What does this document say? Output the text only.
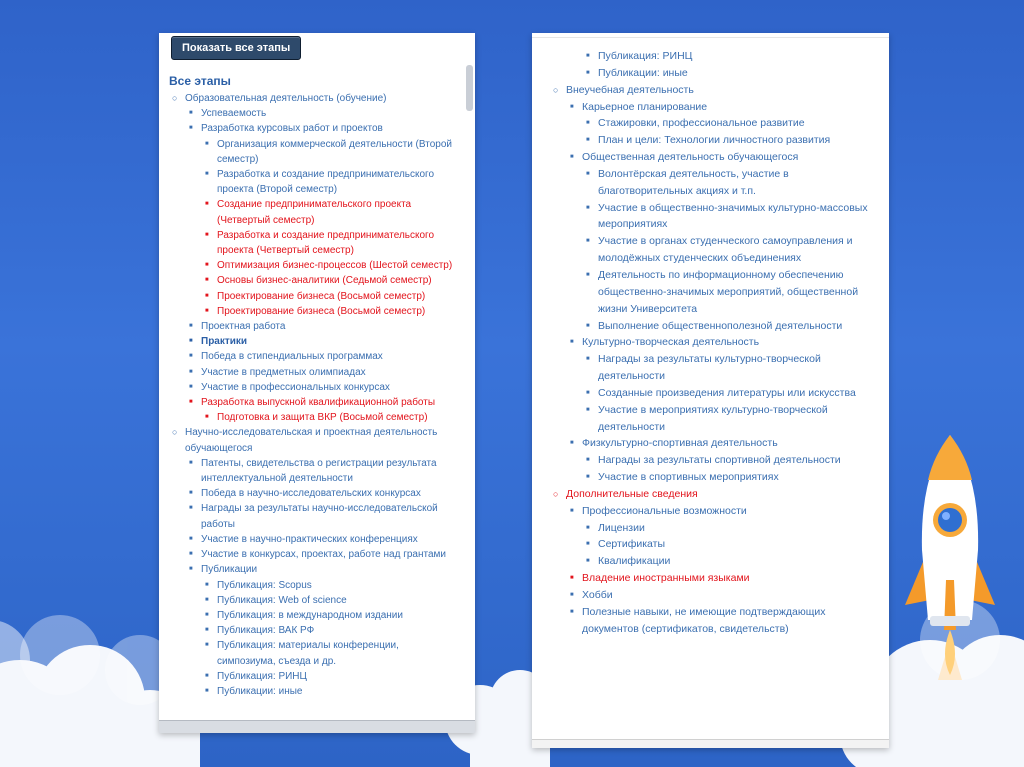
Показать все этапы
Все этапы
○ Образовательная деятельность (обучение)
■ Успеваемость
■ Разработка курсовых работ и проектов
■ Организация коммерческой деятельности (Второй семестр)
■ Разработка и создание предпринимательского проекта (Второй семестр)
■ Создание предпринимательского проекта (Четвертый семестр)
■ Разработка и создание предпринимательского проекта (Четвертый семестр)
■ Оптимизация бизнес-процессов (Шестой семестр)
■ Основы бизнес-аналитики (Седьмой семестр)
■ Проектирование бизнеса (Восьмой семестр)
■ Проектирование бизнеса (Восьмой семестр)
■ Проектная работа
■ Практики
■ Победа в стипендиальных программах
■ Участие в предметных олимпиадах
■ Участие в профессиональных конкурсах
■ Разработка выпускной квалификационной работы
■ Подготовка и защита ВКР (Восьмой семестр)
○ Научно-исследовательская и проектная деятельность обучающегося
■ Патенты, свидетельства о регистрации результата интеллектуальной деятельности
■ Победа в научно-исследовательских конкурсах
■ Награды за результаты научно-исследовательской работы
■ Участие в научно-практических конференциях
■ Участие в конкурсах, проектах, работе над грантами
■ Публикации
■ Публикация: Scopus
■ Публикация: Web of science
■ Публикация: в международном издании
■ Публикация: ВАК РФ
■ Публикация: материалы конференции, симпозиума, съезда и др.
■ Публикация: РИНЦ
■ Публикации: иные
■ Публикация: РИНЦ
■ Публикации: иные
○ Внеучебная деятельность
■ Карьерное планирование
■ Стажировки, профессиональное развитие
■ План и цели: Технологии личностного развития
■ Общественная деятельность обучающегося
■ Волонтёрская деятельность, участие в благотворительных акциях и т.п.
■ Участие в общественно-значимых культурно-массовых мероприятиях
■ Участие в органах студенческого самоуправления и молодёжных студенческих объединениях
■ Деятельность по информационному обеспечению общественно-значимых мероприятий, общественной жизни Университета
■ Выполнение общественнополезной деятельности
■ Культурно-творческая деятельность
■ Награды за результаты культурно-творческой деятельности
■ Созданные произведения литературы или искусства
■ Участие в мероприятиях культурно-творческой деятельности
■ Физкультурно-спортивная деятельность
■ Награды за результаты спортивной деятельности
■ Участие в спортивных мероприятиях
○ Дополнительные сведения
■ Профессиональные возможности
■ Лицензии
■ Сертификаты
■ Квалификации
■ Владение иностранными языками
■ Хобби
■ Полезные навыки, не имеющие подтверждающих документов (сертификатов, свидетельств)
